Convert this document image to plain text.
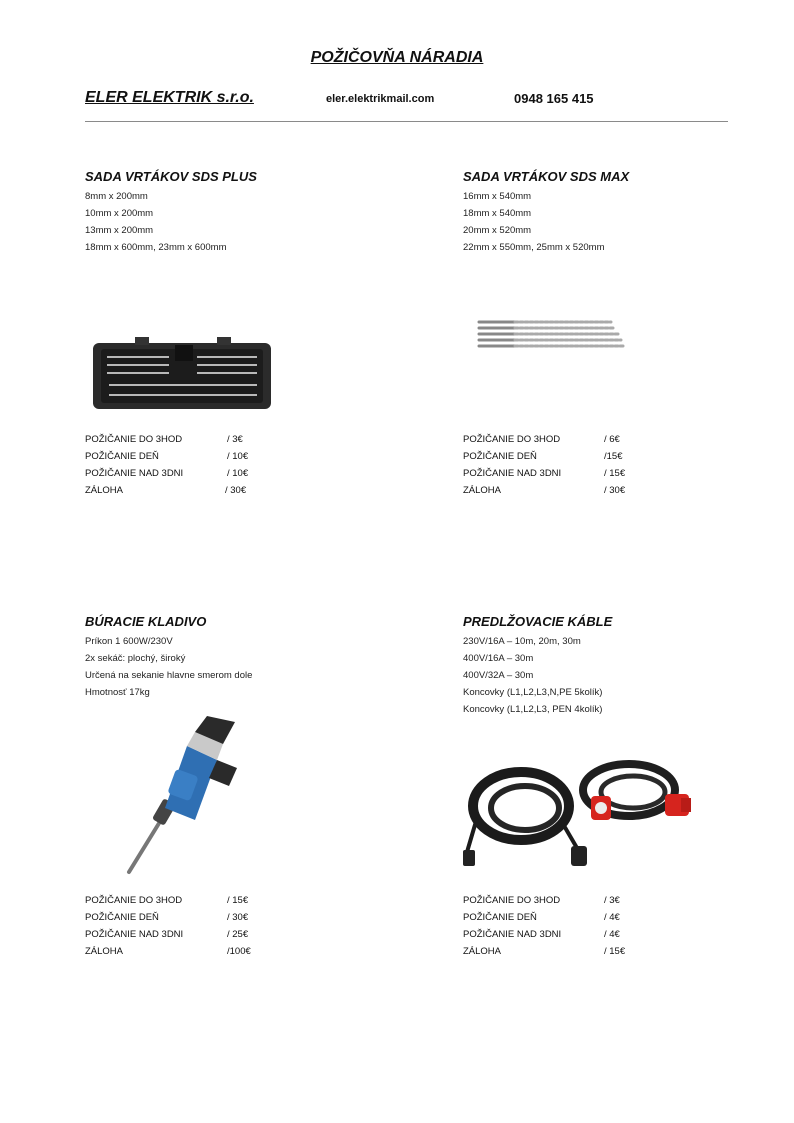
POŽIČOVŇA NÁRADIA
ELER ELEKTRIK s.r.o.	eler.elektrikmail.com	0948 165 415
SADA VRTÁKOV SDS PLUS
8mm x 200mm
10mm x 200mm
13mm x 200mm
18mm x 600mm, 23mm x 600mm
POŽIČANIE DO 3HOD	/ 3€
POŽIČANIE DEŇ	/ 10€
POŽIČANIE NAD 3DNI	/ 10€
ZÁLOHA	/ 30€
SADA VRTÁKOV SDS MAX
16mm x 540mm
18mm x 540mm
20mm x 520mm
22mm x 550mm, 25mm x 520mm
POŽIČANIE DO 3HOD	/ 6€
POŽIČANIE DEŇ	/15€
POŽIČANIE NAD 3DNI	/ 15€
ZÁLOHA	/ 30€
BÚRACIE KLADIVO
Príkon 1 600W/230V
2x sekáč: plochý, široký
Určená na sekanie hlavne smerom dole
Hmotnosť 17kg
POŽIČANIE DO 3HOD	/ 15€
POŽIČANIE DEŇ	/ 30€
POŽIČANIE NAD 3DNI	/ 25€
ZÁLOHA	/100€
PREDLŽOVACIE KÁBLE
230V/16A – 10m, 20m, 30m
400V/16A – 30m
400V/32A – 30m
Koncovky (L1,L2,L3,N,PE 5kolík)
Koncovky (L1,L2,L3, PEN 4kolík)
POŽIČANIE DO 3HOD	/ 3€
POŽIČANIE DEŇ	/ 4€
POŽIČANIE NAD 3DNI	/ 4€
ZÁLOHA	/ 15€
